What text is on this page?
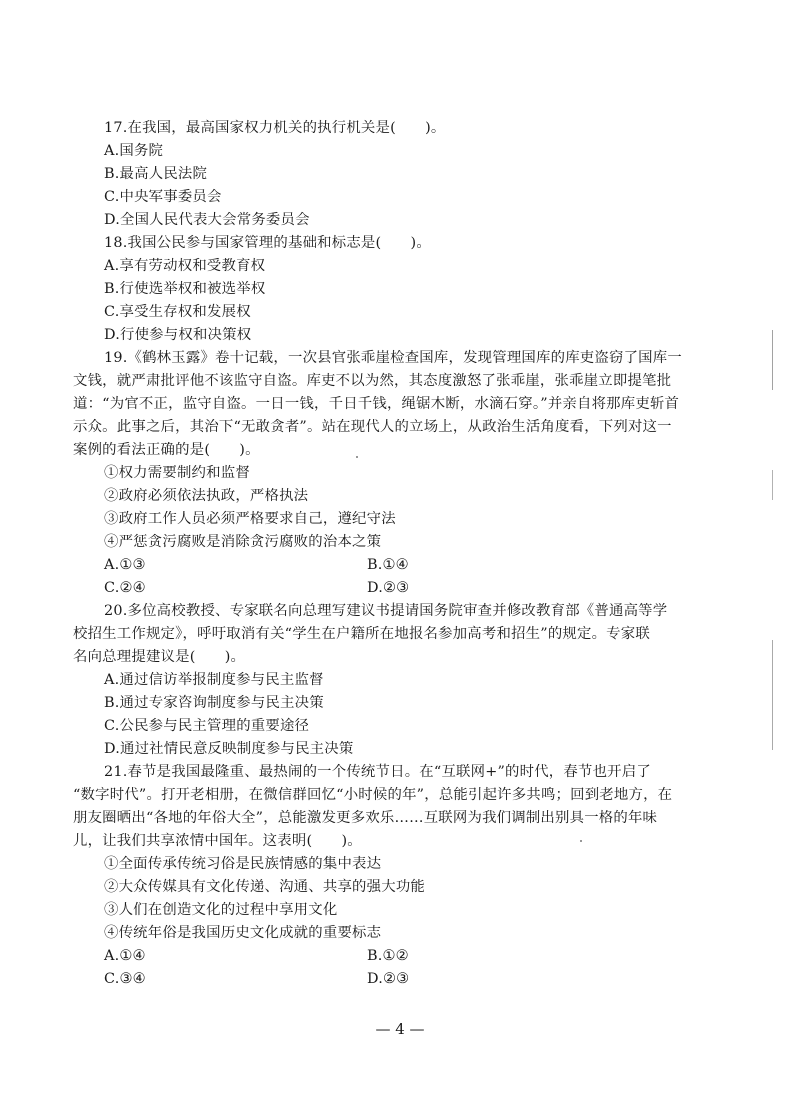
17.在我国，最高国家权力机关的执行机关是(　　)。
A.国务院
B.最高人民法院
C.中央军事委员会
D.全国人民代表大会常务委员会
18.我国公民参与国家管理的基础和标志是(　　)。
A.享有劳动权和受教育权
B.行使选举权和被选举权
C.享受生存权和发展权
D.行使参与权和决策权
19.《鹤林玉露》卷十记载，一次县官张乖崖检查国库，发现管理国库的库吏盗窃了国库一
文钱，就严肃批评他不该监守自盗。库吏不以为然，其态度激怒了张乖崖，张乖崖立即提笔批
道：“为官不正，监守自盗。一日一钱，千日千钱，绳锯木断，水滴石穿。”并亲自将那库吏斩首
示众。此事之后，其治下“无敢贪者”。站在现代人的立场上，从政治生活角度看，下列对这一
案例的看法正确的是(　　)。
①权力需要制约和监督
②政府必须依法执政，严格执法
③政府工作人员必须严格要求自己，遵纪守法
④严惩贪污腐败是消除贪污腐败的治本之策
A.①③	B.①④
C.②④	D.②③
20.多位高校教授、专家联名向总理写建议书提请国务院审查并修改教育部《普通高等学
校招生工作规定》，呼吁取消有关“学生在户籍所在地报名参加高考和招生”的规定。专家联
名向总理提建议是(　　)。
A.通过信访举报制度参与民主监督
B.通过专家咨询制度参与民主决策
C.公民参与民主管理的重要途径
D.通过社情民意反映制度参与民主决策
21.春节是我国最隆重、最热闹的一个传统节日。在“互联网+”的时代，春节也开启了
“数字时代”。打开老相册，在微信群回忆“小时候的年”，总能引起许多共鸣；回到老地方，在
朋友圈晒出“各地的年俗大全”，总能激发更多欢乐……互联网为我们调制出别具一格的年味
儿，让我们共享浓情中国年。这表明(　　)。
①全面传承传统习俗是民族情感的集中表达
②大众传媒具有文化传递、沟通、共享的强大功能
③人们在创造文化的过程中享用文化
④传统年俗是我国历史文化成就的重要标志
A.①④	B.①②
C.③④	D.②③
— 4 —
